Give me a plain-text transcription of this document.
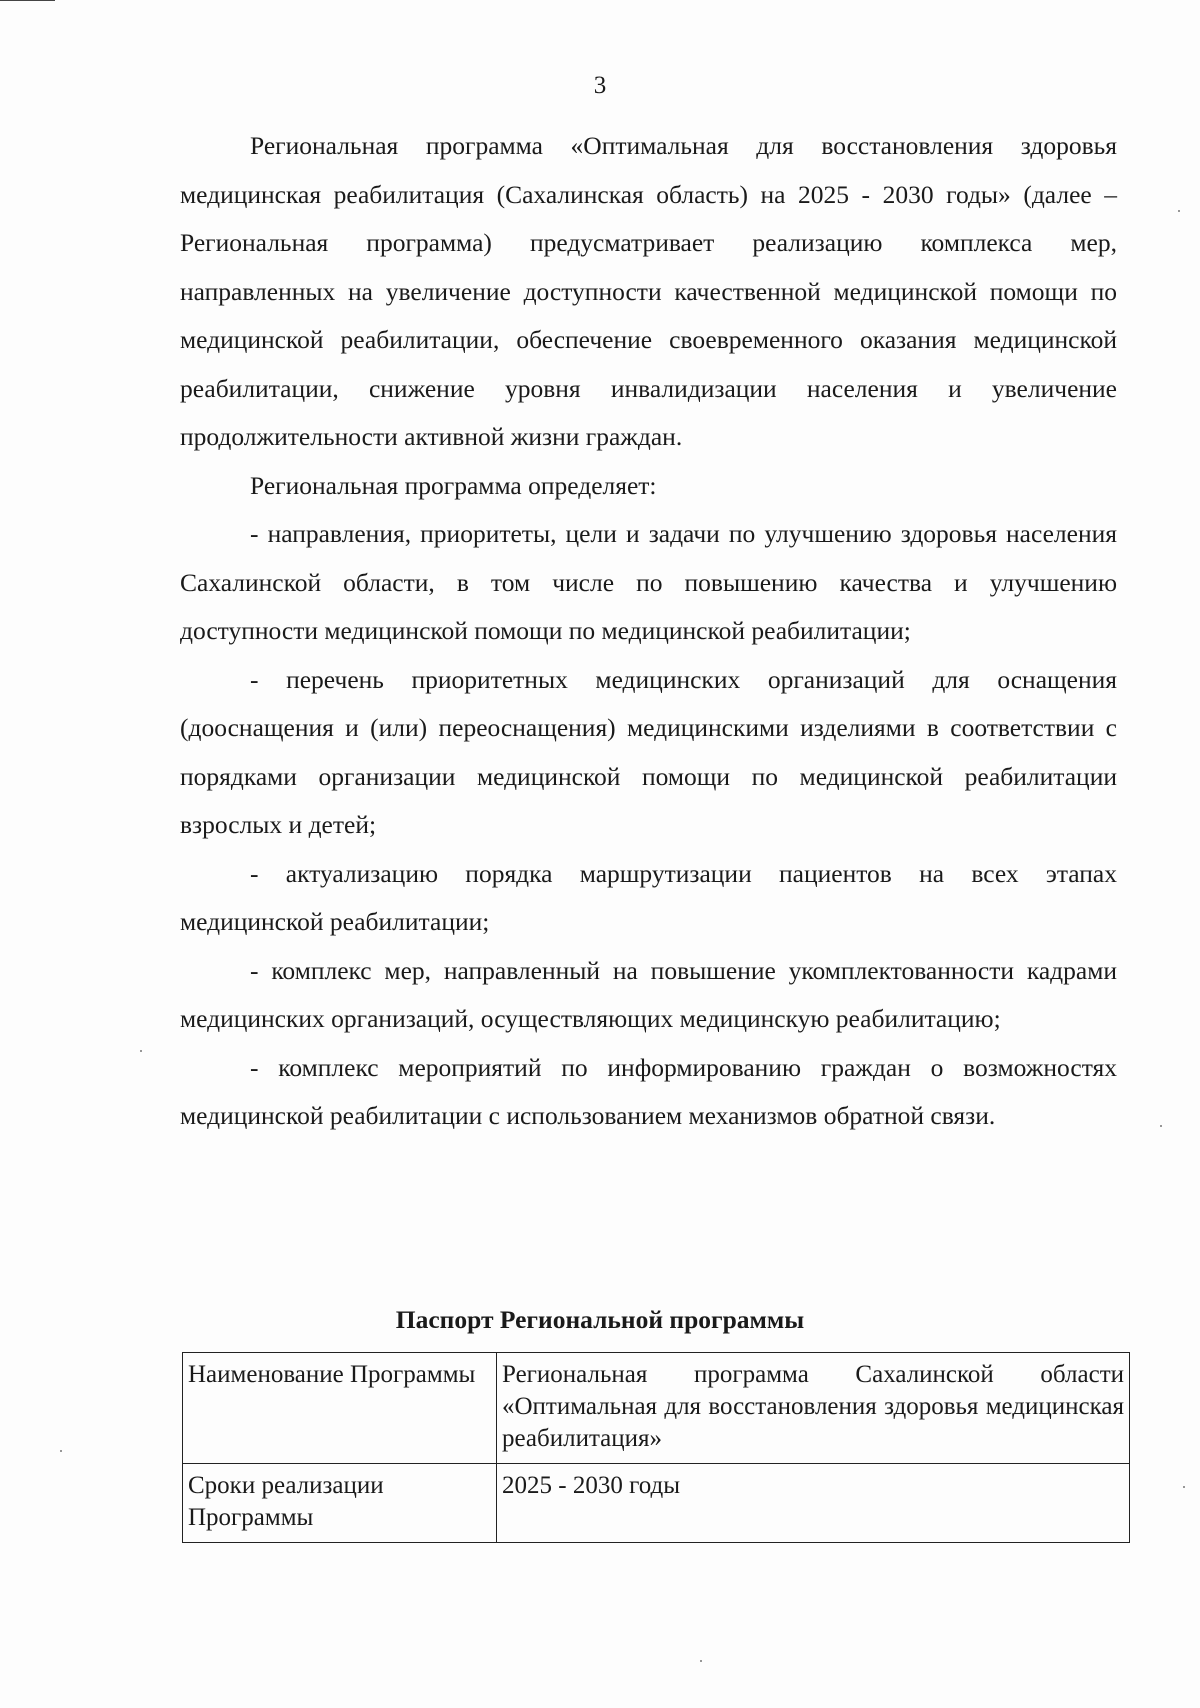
3

Региональная программа «Оптимальная для восстановления здоровья медицинская реабилитация (Сахалинская область) на 2025 - 2030 годы» (далее – Региональная программа) предусматривает реализацию комплекса мер, направленных на увеличение доступности качественной медицинской помощи по медицинской реабилитации, обеспечение своевременного оказания медицинской реабилитации, снижение уровня инвалидизации населения и увеличение продолжительности активной жизни граждан.

Региональная программа определяет:

- направления, приоритеты, цели и задачи по улучшению здоровья населения Сахалинской области, в том числе по повышению качества и улучшению доступности медицинской помощи по медицинской реабилитации;

- перечень приоритетных медицинских организаций для оснащения (дооснащения и (или) переоснащения) медицинскими изделиями в соответствии с порядками организации медицинской помощи по медицинской реабилитации взрослых и детей;

- актуализацию порядка маршрутизации пациентов на всех этапах медицинской реабилитации;

- комплекс мер, направленный на повышение укомплектованности кадрами медицинских организаций, осуществляющих медицинскую реабилитацию;

- комплекс мероприятий по информированию граждан о возможностях медицинской реабилитации с использованием механизмов обратной связи.

Паспорт Региональной программы
Наименование Программы	Региональная программа Сахалинской области «Оптимальная для восстановления здоровья медицинская реабилитация»
Сроки реализации Программы	2025 - 2030 годы
